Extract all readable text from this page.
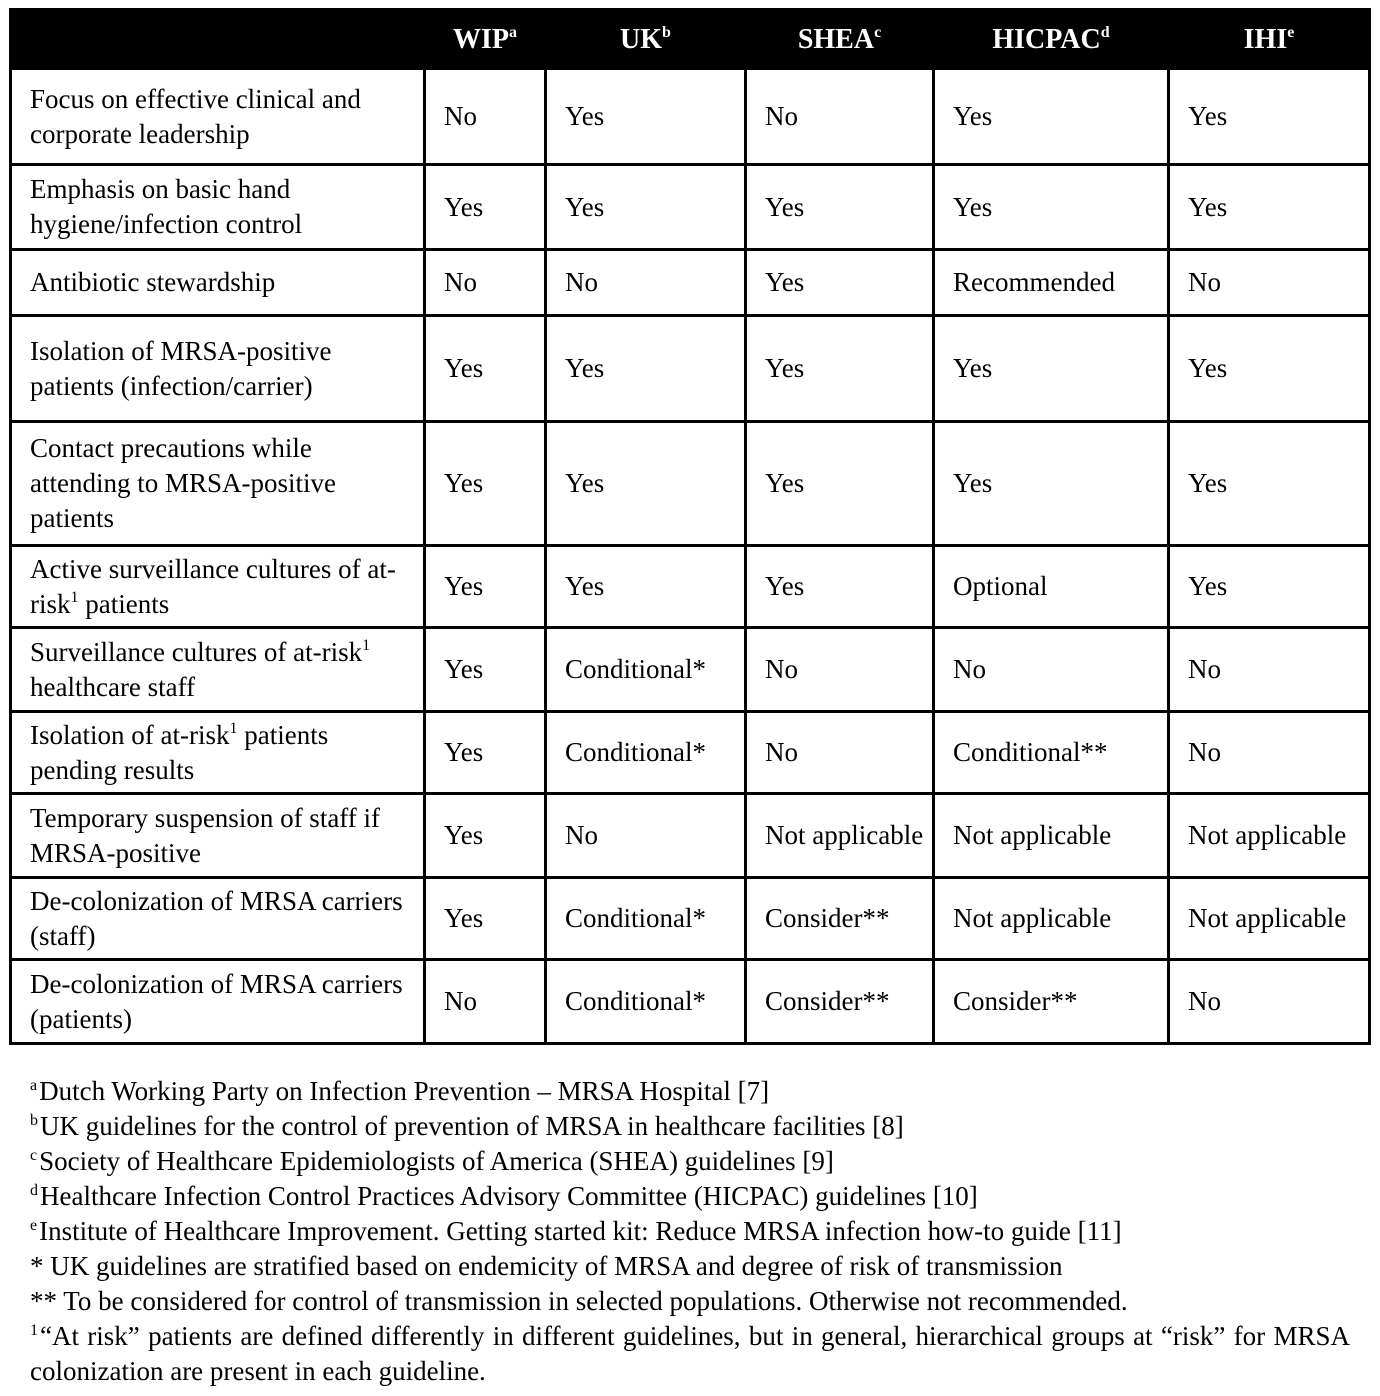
	WIP$^a$	$UK^b$	SHEA$^c$	HICPAC$^d$	IHI$^e$
Focus on effective clinical and corporate leadership	No	Yes	No	Yes	Yes
Emphasis on basic hand hygiene/infection control	Yes	Yes	Yes	Yes	Yes
Antibiotic stewardship	No	No	Yes	Recommended	No
Isolation of MRSA-positive patients (infection/carrier)	Yes	Yes	Yes	Yes	Yes
Contact precautions while attending to MRSA-positive patients	Yes	Yes	Yes	Yes	Yes
Active surveillance cultures of at-risk$^1$ patients	Yes	Yes	Yes	Optional	Yes
Surveillance cultures of at-risk$^1$ healthcare staff	Yes	Conditional*	No	No	No
Isolation of at-risk$^1$ patients pending results	Yes	Conditional*	No	Conditional**	No
Temporary suspension of staff if MRSA-positive	Yes	No	Not applicable	Not applicable	Not applicable
De-colonization of MRSA carriers (staff)	Yes	Conditional*	Consider**	Not applicable	Not applicable
De-colonization of MRSA carriers (patients)	No	Conditional*	Consider**	Consider**	No
$^a$Dutch Working Party on Infection Prevention – MRSA Hospital [7]
$^b$UK guidelines for the control of prevention of MRSA in healthcare facilities [8]
$^c$Society of Healthcare Epidemiologists of America (SHEA) guidelines [9]
$^d$Healthcare Infection Control Practices Advisory Committee (HICPAC) guidelines [10]
$^e$Institute of Healthcare Improvement. Getting started kit: Reduce MRSA infection how-to guide [11]
* UK guidelines are stratified based on endemicity of MRSA and degree of risk of transmission
** To be considered for control of transmission in selected populations. Otherwise not recommended.
$^1$“At risk” patients are defined differently in different guidelines, but in general, hierarchical groups at “risk” for MRSA colonization are present in each guideline.
